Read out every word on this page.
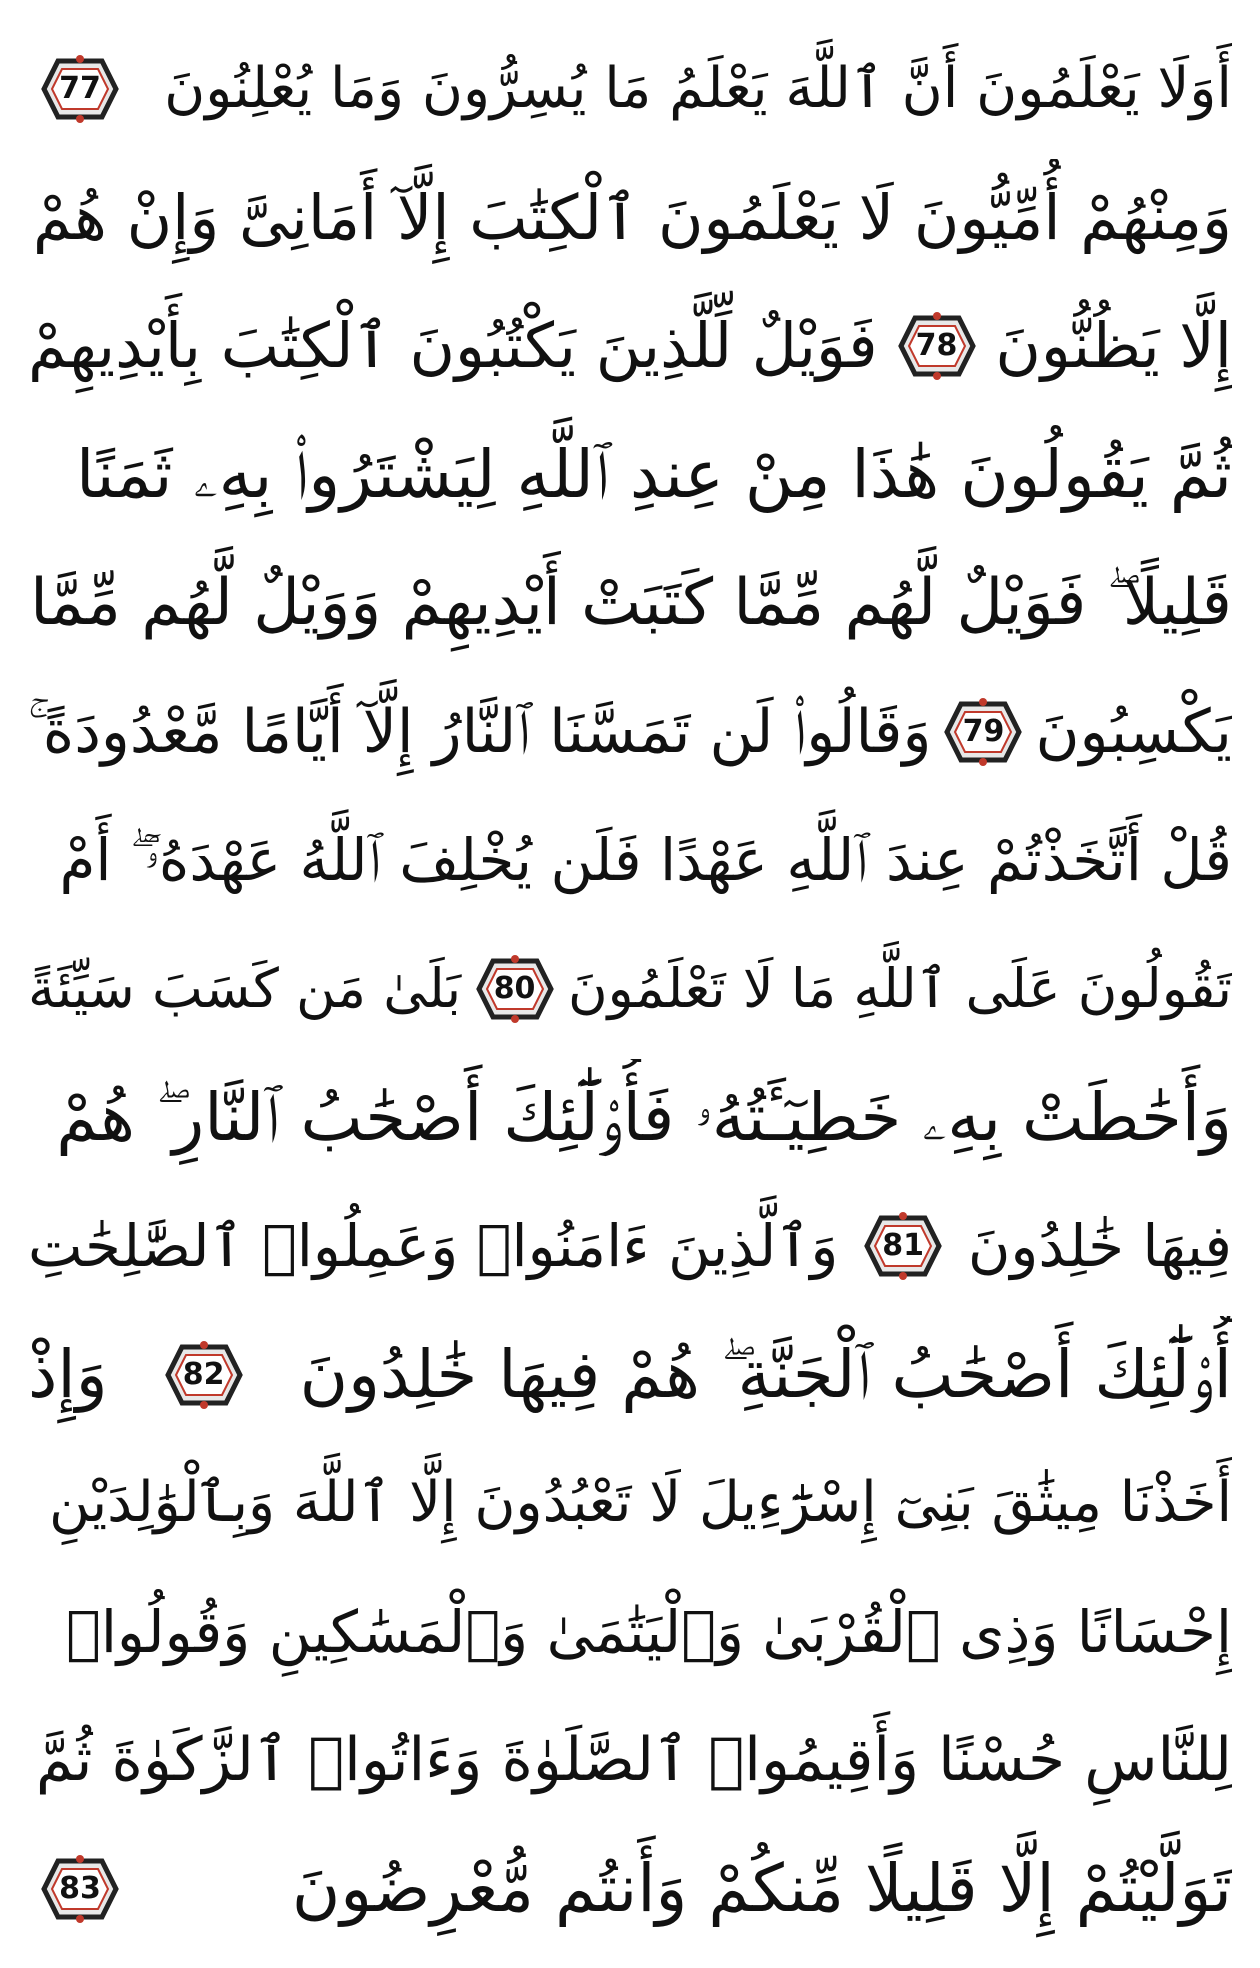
أَوَلَا يَعْلَمُونَ أَنَّ ٱللَّهَ يَعْلَمُ مَا يُسِرُّونَ وَمَا يُعْلِنُونَ
77
وَمِنْهُمْ أُمِّيُّونَ لَا يَعْلَمُونَ ٱلْكِتَٰبَ إِلَّآ أَمَانِىَّ وَإِنْ هُمْ
إِلَّا يَظُنُّونَ
78
فَوَيْلٌ لِّلَّذِينَ يَكْتُبُونَ ٱلْكِتَٰبَ بِأَيْدِيهِمْ
ثُمَّ يَقُولُونَ هَٰذَا مِنْ عِندِ ٱللَّهِ لِيَشْتَرُوا۟ بِهِۦ ثَمَنًا
قَلِيلًا ۖ فَوَيْلٌ لَّهُم مِّمَّا كَتَبَتْ أَيْدِيهِمْ وَوَيْلٌ لَّهُم مِّمَّا
يَكْسِبُونَ
79
وَقَالُوا۟ لَن تَمَسَّنَا ٱلنَّارُ إِلَّآ أَيَّامًا مَّعْدُودَةً ۚ
قُلْ أَتَّخَذْتُمْ عِندَ ٱللَّهِ عَهْدًا فَلَن يُخْلِفَ ٱللَّهُ عَهْدَهُۥٓ ۖ أَمْ
تَقُولُونَ عَلَى ٱللَّهِ مَا لَا تَعْلَمُونَ
80
بَلَىٰ مَن كَسَبَ سَيِّئَةً
وَأَحَٰطَتْ بِهِۦ خَطِيٓـَٔتُهُۥ فَأُو۟لَٰٓئِكَ أَصْحَٰبُ ٱلنَّارِ ۖ هُمْ
فِيهَا خَٰلِدُونَ
81
وَٱلَّذِينَ ءَامَنُوا۟ وَعَمِلُوا۟ ٱلصَّٰلِحَٰتِ
أُو۟لَٰٓئِكَ أَصْحَٰبُ ٱلْجَنَّةِ ۖ هُمْ فِيهَا خَٰلِدُونَ
82
وَإِذْ
أَخَذْنَا مِيثَٰقَ بَنِىٓ إِسْرَٰٓءِيلَ لَا تَعْبُدُونَ إِلَّا ٱللَّهَ وَبِٱلْوَٰلِدَيْنِ
إِحْسَانًا وَذِى ٱلْقُرْبَىٰ وَٱلْيَتَٰمَىٰ وَٱلْمَسَٰكِينِ وَقُولُوا۟
لِلنَّاسِ حُسْنًا وَأَقِيمُوا۟ ٱلصَّلَوٰةَ وَءَاتُوا۟ ٱلزَّكَوٰةَ ثُمَّ
تَوَلَّيْتُمْ إِلَّا قَلِيلًا مِّنكُمْ وَأَنتُم مُّعْرِضُونَ
83
